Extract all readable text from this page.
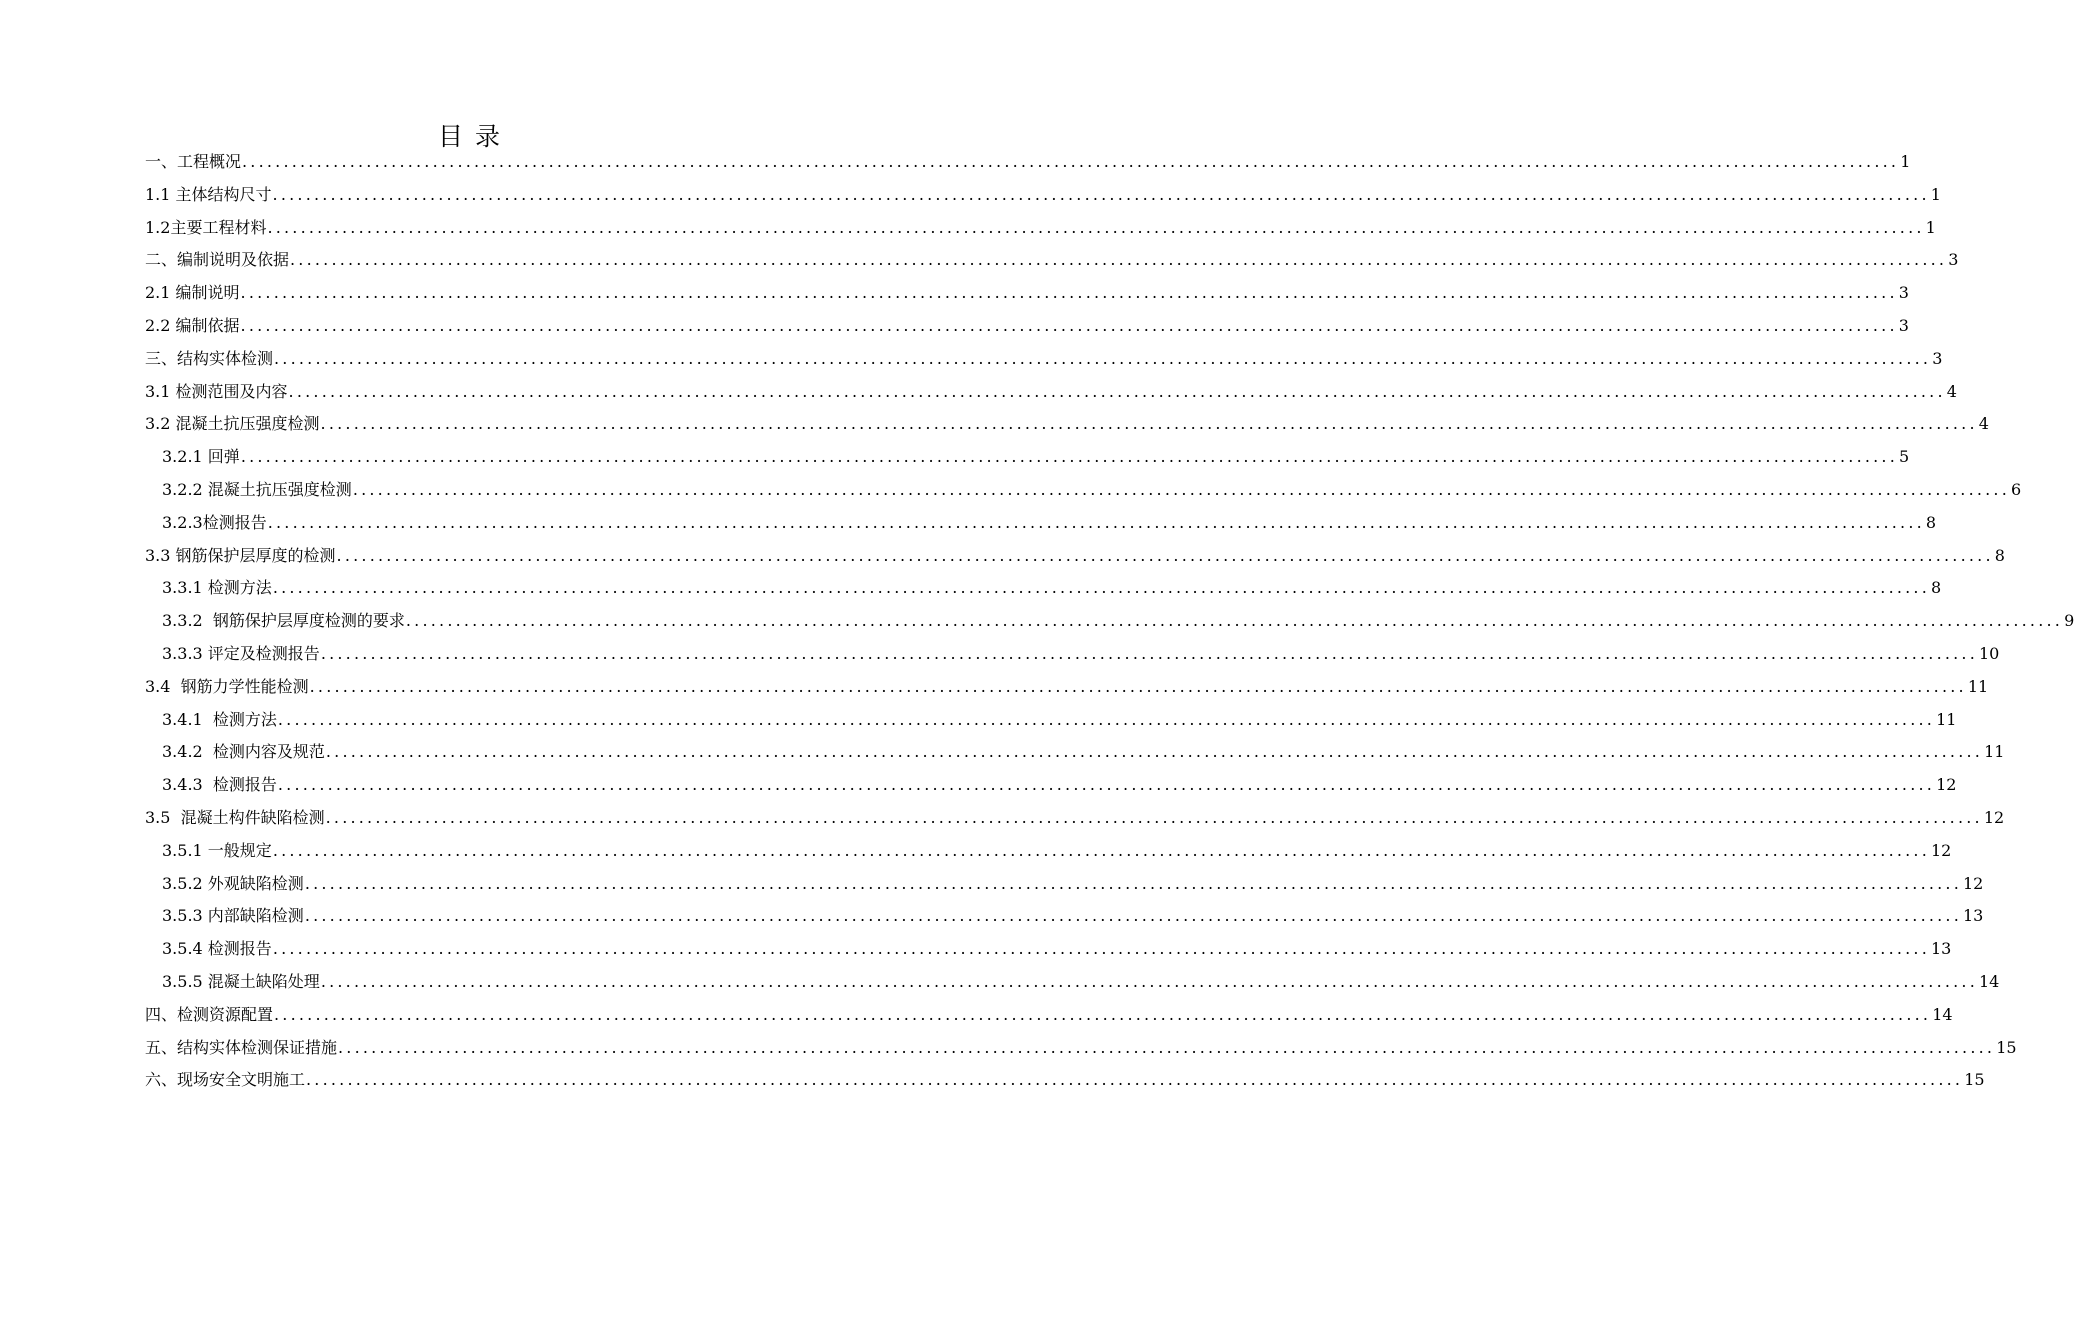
目录
一、工程概况 ........................................................................................................................................................................................................ 1
1.1 主体结构尺寸 ........................................................................................................................................................................................................ 1
1.2主要工程材料 ........................................................................................................................................................................................................ 1
二、编制说明及依据 ........................................................................................................................................................................................................ 3
2.1 编制说明 ........................................................................................................................................................................................................ 3
2.2 编制依据 ........................................................................................................................................................................................................ 3
三、结构实体检测 ........................................................................................................................................................................................................ 3
3.1 检测范围及内容 ........................................................................................................................................................................................................ 4
3.2 混凝土抗压强度检测 ........................................................................................................................................................................................................ 4
3.2.1 回弹 ........................................................................................................................................................................................................ 5
3.2.2 混凝土抗压强度检测 ........................................................................................................................................................................................................ 6
3.2.3检测报告 ........................................................................................................................................................................................................ 8
3.3 钢筋保护层厚度的检测 ........................................................................................................................................................................................................ 8
3.3.1 检测方法 ........................................................................................................................................................................................................ 8
3.3.2  钢筋保护层厚度检测的要求 ........................................................................................................................................................................................................ 9
3.3.3 评定及检测报告 ........................................................................................................................................................................................................ 10
3.4  钢筋力学性能检测 ........................................................................................................................................................................................................ 11
3.4.1  检测方法 ........................................................................................................................................................................................................ 11
3.4.2  检测内容及规范 ........................................................................................................................................................................................................ 11
3.4.3  检测报告 ........................................................................................................................................................................................................ 12
3.5  混凝土构件缺陷检测 ........................................................................................................................................................................................................ 12
3.5.1 一般规定 ........................................................................................................................................................................................................ 12
3.5.2 外观缺陷检测 ........................................................................................................................................................................................................ 12
3.5.3 内部缺陷检测 ........................................................................................................................................................................................................ 13
3.5.4 检测报告 ........................................................................................................................................................................................................ 13
3.5.5 混凝土缺陷处理 ........................................................................................................................................................................................................ 14
四、检测资源配置 ........................................................................................................................................................................................................ 14
五、结构实体检测保证措施 ........................................................................................................................................................................................................ 15
六、现场安全文明施工 ........................................................................................................................................................................................................ 15
